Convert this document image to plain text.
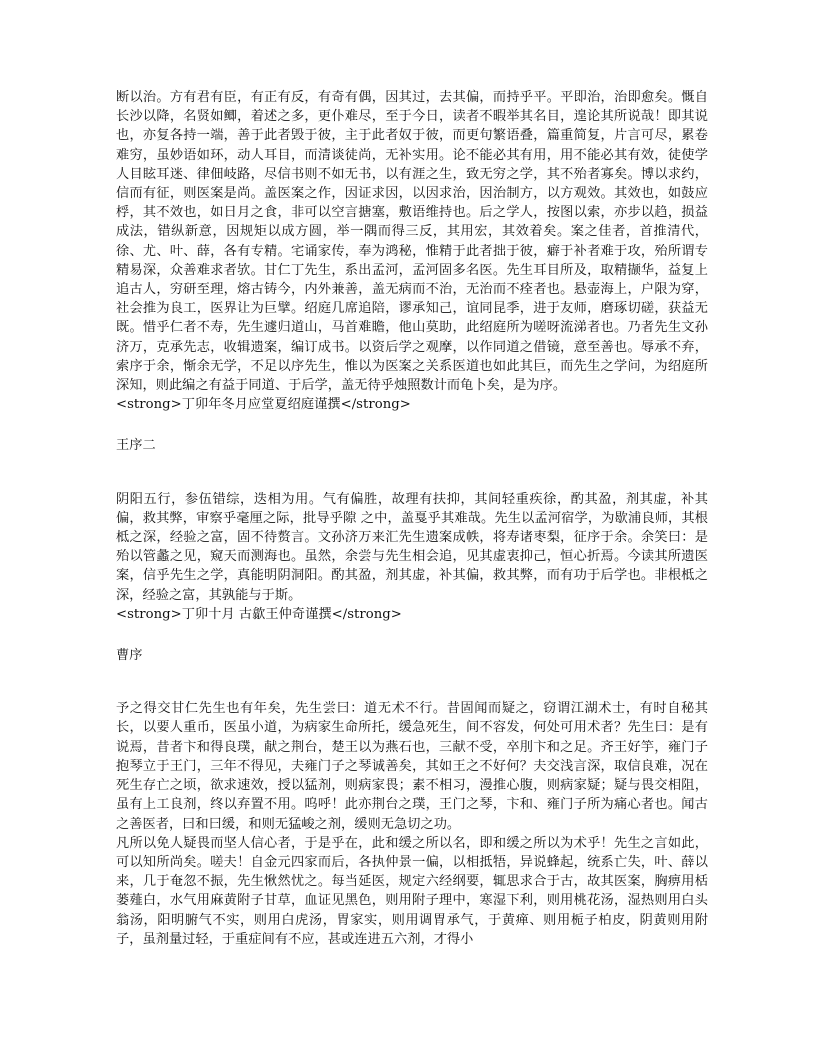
断以治。方有君有臣，有正有反，有奇有偶，因其过，去其偏，而持乎平。平即治，治即愈矣。慨自长沙以降，名贤如鲫，着述之多，更仆难尽，至于今日，读者不暇举其名目，遑论其所说哉！即其说也，亦复各持一端，善于此者毁于彼，主于此者奴于彼，而更句繁语叠，篇重简复，片言可尽，累卷难穷，虽妙语如环，动人耳目，而清谈徒尚，无补实用。论不能必其有用，用不能必其有效，徒使学人目眩耳迷、律佃岐路，尽信书则不如无书，以有涯之生，致无穷之学，其不殆者寡矣。博以求约，信而有征，则医案是尚。盖医案之作，因证求因，以因求治，因治制方，以方观效。其效也，如鼓应桴，其不效也，如日月之食，非可以空言搪塞，敷语维持也。后之学人，按图以索，亦步以趋，损益成法，错纵新意，因规矩以成方圆，举一隅而得三反，其用宏，其效着矣。案之佳者，首推清代，徐、尤、叶、薛，各有专精。宅诵家传，奉为鸿秘，惟精于此者拙于彼，癖于补者难于攻，殆所谓专精易深，众善难求者欤。甘仁丁先生，系出孟河，孟河固多名医。先生耳目所及，取精撷华，益复上追古人，穷研至理，熔古铸今，内外兼善，盖无病而不治，无治而不痊者也。悬壶海上，户限为穿，社会推为良工，医界让为巨擘。绍庭几席追陪，谬承知己，谊同昆季，进于友师，磨琢切磋，获益无既。惜乎仁者不寿，先生遽归道山，马首难瞻，他山莫助，此绍庭所为嗟呀流涕者也。乃者先生文孙济万，克承先志，收辑遗案，编订成书。以资后学之观摩，以作同道之借镜，意至善也。辱承不弃，索序于余，惭余无学，不足以序先生，惟以为医案之关系医道也如此其巨，而先生之学问，为绍庭所深知，则此编之有益于同道、于后学，盖无待乎烛照数计而龟卜矣，是为序。

<strong>丁卯年冬月应堂夏绍庭谨撰</strong>

王序二

阴阳五行，参伍错综，迭相为用。气有偏胜，故理有扶抑，其间轻重疾徐，酌其盈，剂其虚，补其偏，救其弊，审察乎毫厘之际，批导乎隙 之中，盖戛乎其难哉。先生以孟河宿学，为歇浦良师，其根柢之深，经验之富，固不待赘言。文孙济万来汇先生遗案成帙，将寿诸枣梨，征序于余。余笑曰：是殆以管蠡之见，窥天而测海也。虽然，余尝与先生相会追，见其虚衷抑己，恒心折焉。今读其所遗医案，信乎先生之学，真能明阴洞阳。酌其盈，剂其虚，补其偏，救其弊，而有功于后学也。非根柢之深，经验之富，其孰能与于斯。

<strong>丁卯十月 古歙王仲奇谨撰</strong>

曹序

予之得交甘仁先生也有年矣，先生尝曰：道无术不行。昔固闻而疑之，窃谓江湖术士，有时自秘其长，以要人重币，医虽小道，为病家生命所托，缓急死生，间不容发，何处可用术者？先生曰：是有说焉，昔者卞和得良璞，献之荆台，楚王以为燕石也，三献不受，卒刖卞和之足。齐王好竽，雍门子抱琴立于王门，三年不得见，夫雍门子之琴诚善矣，其如王之不好何？夫交浅言深，取信良难，况在死生存亡之顷，欲求速效，授以猛剂，则病家畏；素不相习，漫推心腹，则病家疑；疑与畏交相阻，虽有上工良剂，终以弃置不用。呜呼！此亦荆台之璞，王门之琴，卞和、雍门子所为痛心者也。闻古之善医者，曰和曰缓，和则无猛峻之剂，缓则无急切之功。

凡所以免人疑畏而坚人信心者，于是乎在，此和缓之所以名，即和缓之所以为术乎！先生之言如此，可以知所尚矣。嗟夫！自金元四家而后，各执仲景一偏，以相抵牾，异说蜂起，统系亡失，叶、薛以来，几于奄忽不振，先生愀然忧之。每当延医，规定六经纲要，辄思求合于古，故其医案，胸痹用栝蒌薤白，水气用麻黄附子甘草，血证见黑色，则用附子理中，寒湿下利，则用桃花汤，湿热则用白头翁汤，阳明腑气不实，则用白虎汤，胃家实，则用调胃承气，于黄瘅、则用栀子柏皮，阴黄则用附子，虽剂量过轻，于重症间有不应，甚或连进五六剂，才得小
